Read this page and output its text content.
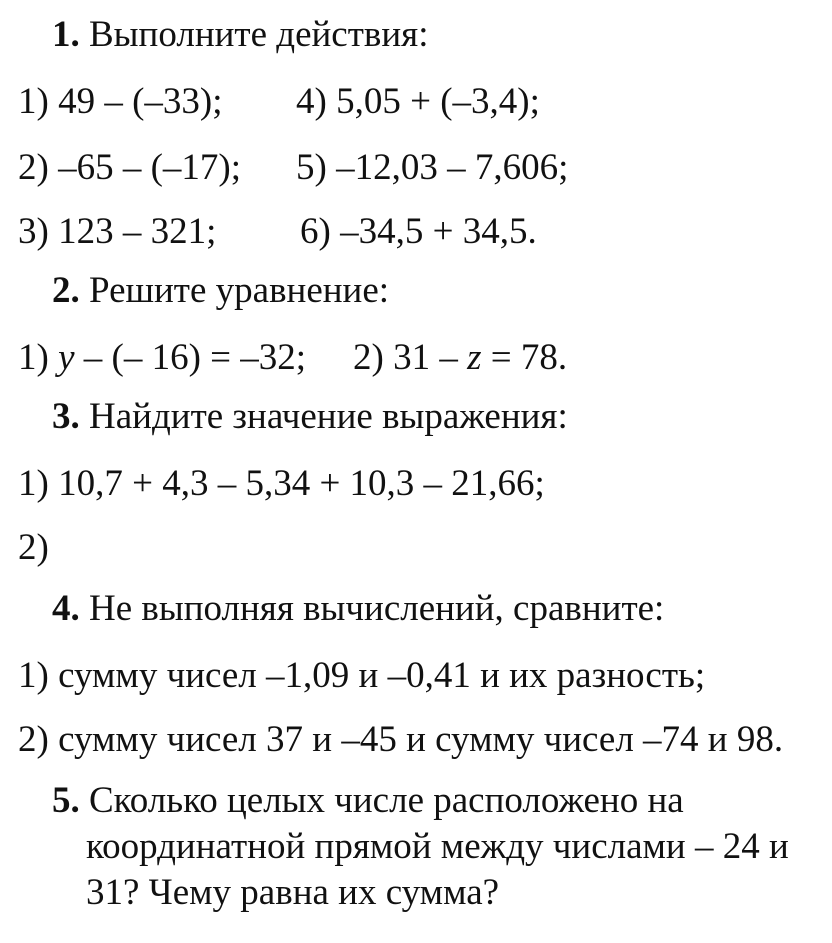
1. Выполните действия:
1) 49 – (–33); 4) 5,05 + (–3,4);
2) –65 – (–17); 5) –12,03 – 7,606;
3) 123 – 321; 6) –34,5 + 34,5.
2. Решите уравнение:
1) y – (– 16) = –32; 2) 31 – z = 78.
3. Найдите значение выражения:
1) 10,7 + 4,3 – 5,34 + 10,3 – 21,66;
2)
4. Не выполняя вычислений, сравните:
1) сумму чисел –1,09 и –0,41 и их разность;
2) сумму чисел 37 и –45 и сумму чисел –74 и 98.
5. Сколько целых числе расположено на
координатной прямой между числами – 24 и
31? Чему равна их сумма?
